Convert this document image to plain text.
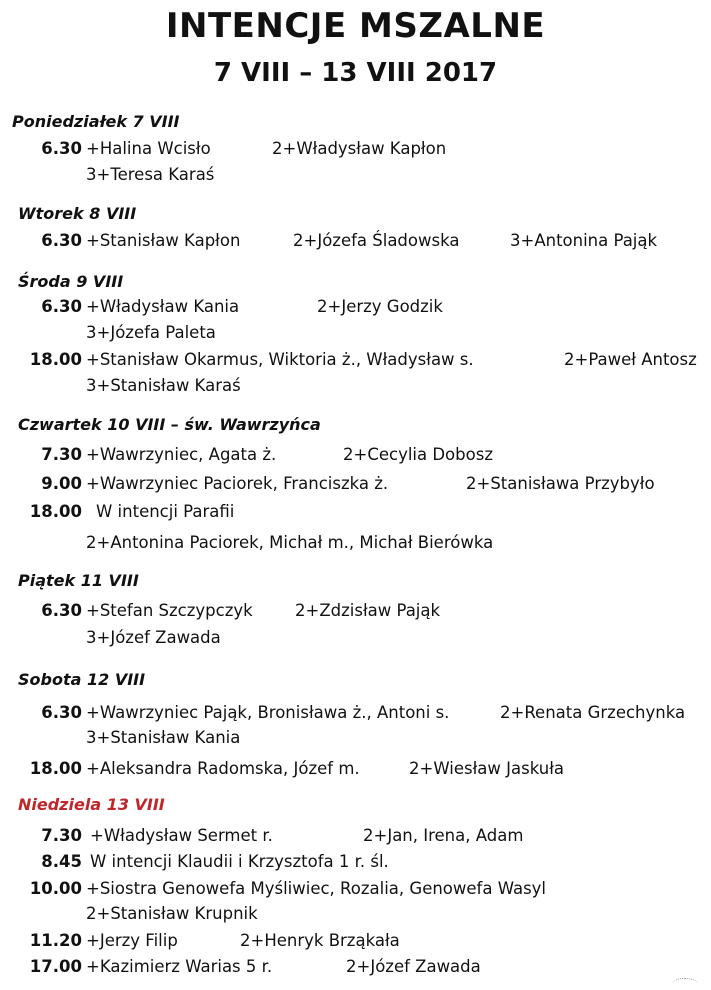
INTENCJE MSZALNE
7 VIII – 13 VIII 2017
Poniedziałek 7 VIII
6.30 +Halina Wcisło	2+Władysław Kapłon
3+Teresa Karaś
Wtorek 8 VIII
6.30 +Stanisław Kapłon	2+Józefa Śladowska	3+Antonina Pająk
Środa 9 VIII
6.30 +Władysław Kania	2+Jerzy Godzik
3+Józefa Paleta
18.00 +Stanisław Okarmus, Wiktoria ż., Władysław s.	2+Paweł Antosz
3+Stanisław Karaś
Czwartek 10 VIII – św. Wawrzyńca
7.30 +Wawrzyniec, Agata ż.	2+Cecylia Dobosz
9.00 +Wawrzyniec Paciorek, Franciszka ż.	2+Stanisława Przybyło
18.00 W intencji Parafii
2+Antonina Paciorek, Michał m., Michał Bierówka
Piątek 11 VIII
6.30 +Stefan Szczypczyk	2+Zdzisław Pająk
3+Józef Zawada
Sobota 12 VIII
6.30 +Wawrzyniec Pająk, Bronisława ż., Antoni s.	2+Renata Grzechynka
3+Stanisław Kania
18.00 +Aleksandra Radomska, Józef m.	2+Wiesław Jaskuła
Niedziela 13 VIII
7.30 +Władysław Sermet r.	2+Jan, Irena, Adam
8.45 W intencji Klaudii i Krzysztofa 1 r. śl.
10.00 +Siostra Genowefa Myśliwiec, Rozalia, Genowefa Wasyl
2+Stanisław Krupnik
11.20 +Jerzy Filip	2+Henryk Brząkała
17.00 +Kazimierz Warias 5 r.	2+Józef Zawada
